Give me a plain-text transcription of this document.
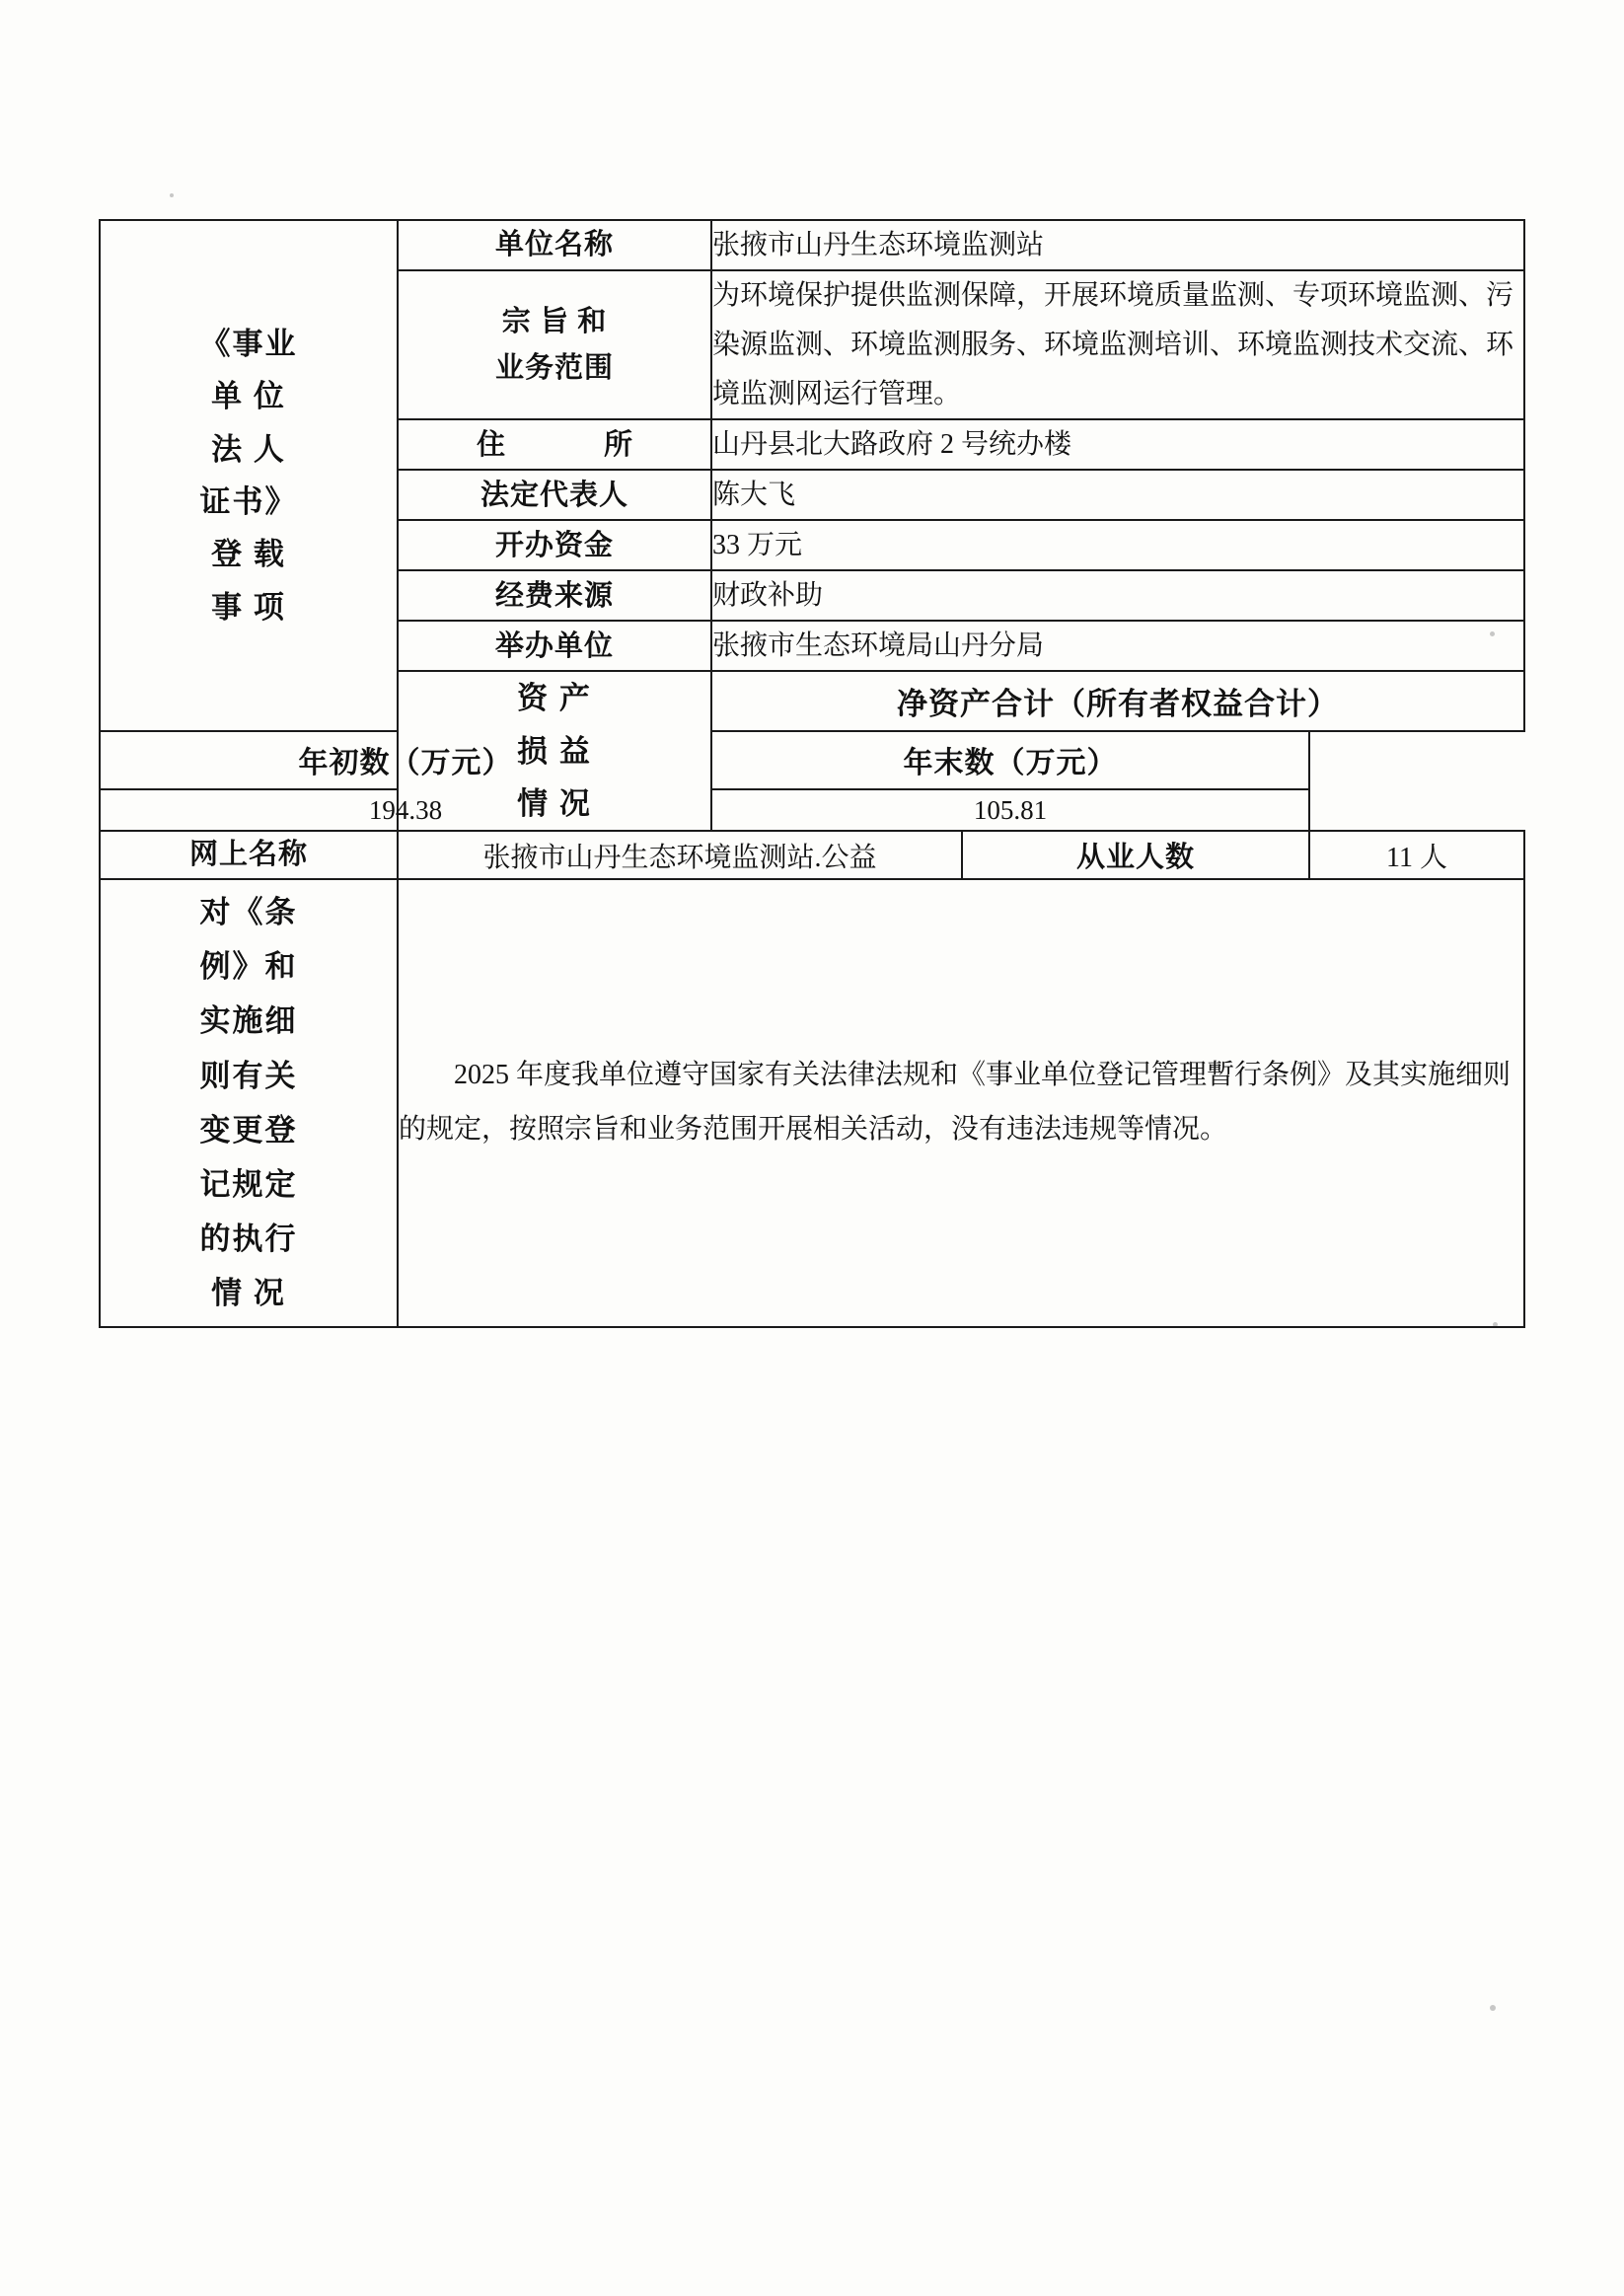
《事业
单 位
法 人
证书》
登 载
事 项
	单位名称	张掖市山丹生态环境监测站

	宗 旨 和
业务范围	为环境保护提供监测保障，开展环境质量监测、专项环境监测、污染源监测、环境监测服务、环境监测培训、环境监测技术交流、环境监测网运行管理。		
	住　　所	山丹县北大路政府 2 号统办楼		
	法定代表人	陈大飞		
	开办资金	33 万元		
	经费来源	财政补助		
	举办单位	张掖市生态环境局山丹分局		

	资 产
损 益
情 况	净资产合计（所有者权益合计）		
年初数（万元）		年末数（万元）		
194.38		105.81		
网上名称	张掖市山丹生态环境监测站.公益		从业人数	11 人

对《条
例》和
实施细
则有关
变更登
记规定
的执行
情 况

2025 年度我单位遵守国家有关法律法规和《事业单位登记管理暫行条例》及其实施细则的规定，按照宗旨和业务范围开展相关活动，没有违法违规等情况。
